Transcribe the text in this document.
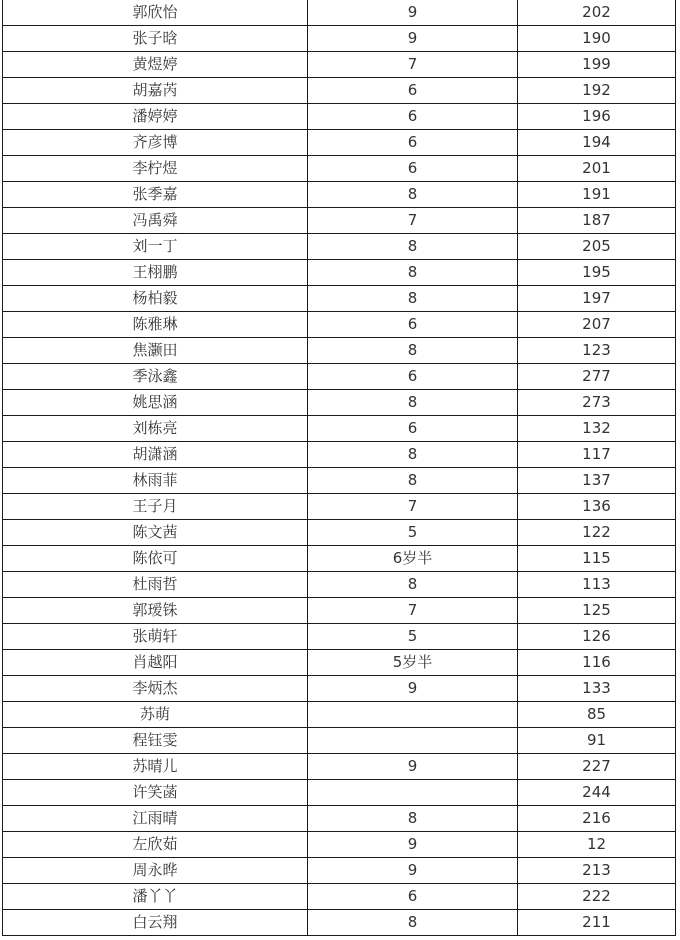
郭欣怡	9	202
张子晗	9	190
黄煜婷	7	199
胡嘉芮	6	192
潘婷婷	6	196
齐彦博	6	194
李柠煜	6	201
张季嘉	8	191
冯禹舜	7	187
刘一丁	8	205
王栩鹏	8	195
杨柏毅	8	197
陈雅琳	6	207
焦灏田	8	123
季泳鑫	6	277
姚思涵	8	273
刘栋亮	6	132
胡潇涵	8	117
林雨菲	8	137
王子月	7	136
陈文茜	5	122
陈依可	6岁半	115
杜雨哲	8	113
郭瑷铢	7	125
张萌轩	5	126
肖越阳	5岁半	116
李炳杰	9	133
苏萌		85
程钰雯		91
苏晴儿	9	227
许笑菡		244
江雨晴	8	216
左欣茹	9	12
周永晔	9	213
潘丫丫	6	222
白云翔	8	211
